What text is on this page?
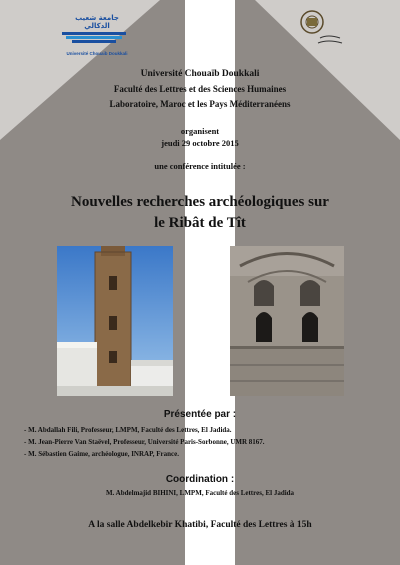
جامعة شعيب الدكالي
Université Chouaib Doukkali
Université Chouaïb Doukkali
Faculté des Lettres et des Sciences Humaines
Laboratoire, Maroc et les Pays Méditerranéens
organisent
jeudi 29 octobre 2015
une conférence intitulée :
Nouvelles recherches archéologiques sur
le Ribât de Tît
Présentée par :
- M. Abdallah Fili, Professeur, LMPM, Faculté des Lettres, El Jadida.
- M. Jean-Pierre Van Staëvel, Professeur, Université Paris-Sorbonne, UMR 8167.
- M. Sébastien Gaime, archéologue, INRAP, France.
Coordination :
M. Abdelmajid BIHINI, LMPM, Faculté des Lettres, El Jadida
A la salle Abdelkebir Khatibi, Faculté des Lettres à 15h
